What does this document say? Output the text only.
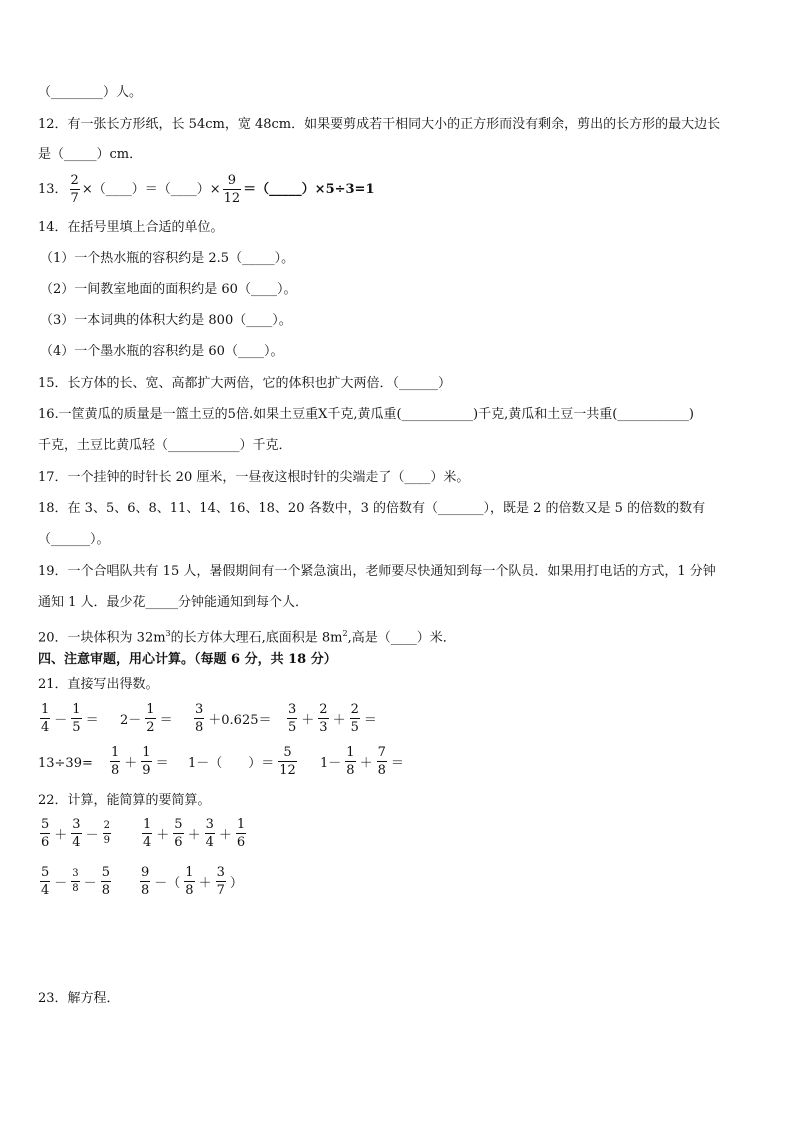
（________）人。
12．有一张长方形纸，长 54cm，宽 48cm．如果要剪成若干相同大小的正方形而没有剩余，剪出的长方形的最大边长
是（_____）cm．
13． $\frac{2}{7}$ ×（____）＝（____）× $\frac{9}{12}$ ＝（_____）×5÷3=1
14．在括号里填上合适的单位。
（1）一个热水瓶的容积约是 2.5（_____）。
（2）一间教室地面的面积约是 60（____）。
（3）一本词典的体积大约是 800（____）。
（4）一个墨水瓶的容积约是 60（____）。
15．长方体的长、宽、高都扩大两倍，它的体积也扩大两倍．（______）
16.一筐黄瓜的质量是一篮土豆的5倍.如果土豆重X千克,黄瓜重(___________)千克,黄瓜和土豆一共重(___________)
千克，土豆比黄瓜轻（___________）千克．
17．一个挂钟的时针长 20 厘米，一昼夜这根时针的尖端走了（____）米。
18．在 3、5、6、8、11、14、16、18、20 各数中，3 的倍数有（_______），既是 2 的倍数又是 5 的倍数的数有
（______）。
19．一个合唱队共有 15 人，暑假期间有一个紧急演出，老师要尽快通知到每一个队员．如果用打电话的方式，1 分钟
通知 1 人．最少花_____分钟能通知到每个人．
20．一块体积为 $32m^3$的长方体大理石,底面积是 $8m^2$,高是（____）米．
四、注意审题，用心计算。（每题 6 分，共 18 分）
21．直接写出得数。
$\frac{1}{4} - \frac{1}{5} = 2- \frac{1}{2} = \frac{3}{8} +0.625= \frac{3}{5} + \frac{2}{3} + \frac{2}{5}$ ＝
$13\div 39= \frac{1}{8} + \frac{1}{9} = 1-$（　　）＝ $\frac{5}{12} 1- \frac{1}{8} + \frac{7}{8}$ ＝
22．计算，能简算的要简算。
$\frac{5}{6} + \frac{3}{4} - \frac{2}{9} \frac{1}{4} + \frac{5}{6} + \frac{3}{4} + \frac{1}{6}$
$\frac{5}{4} - \frac{3}{8} - \frac{5}{8} \frac{9}{8}$ －（ $\frac{1}{8} + \frac{3}{7}$ ）
23．解方程．
